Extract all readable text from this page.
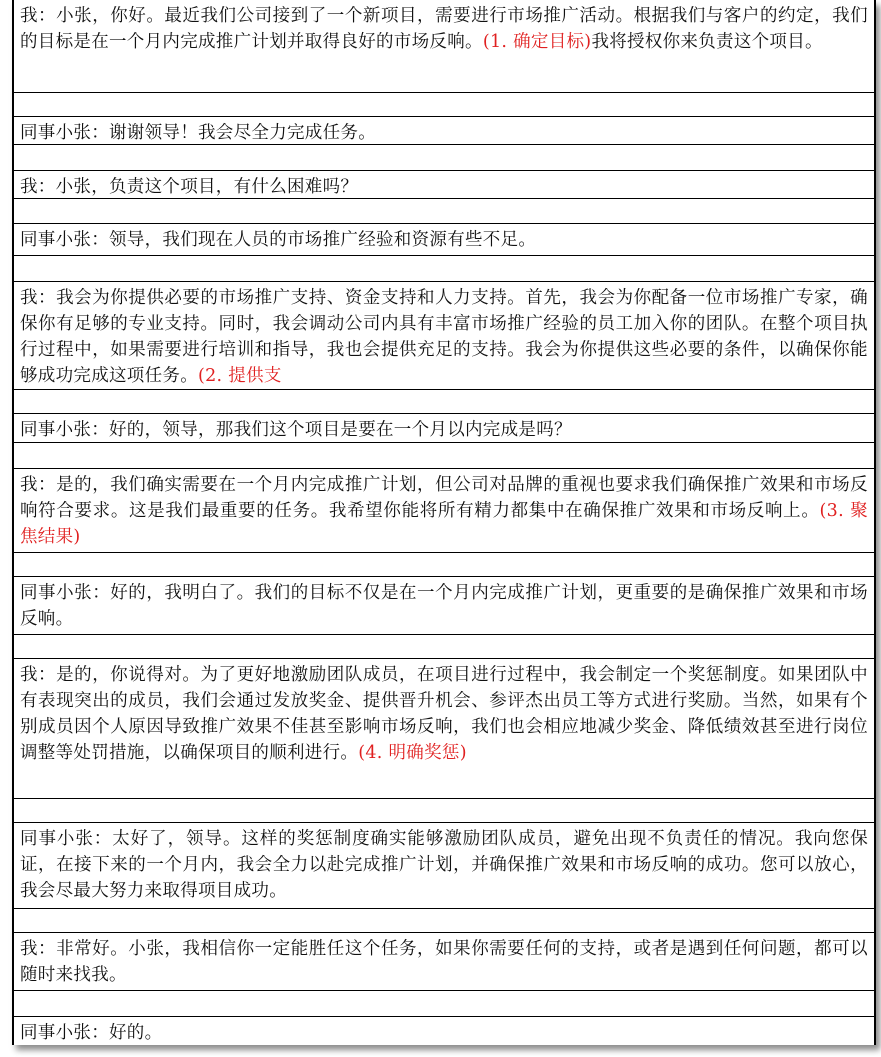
我：小张，你好。最近我们公司接到了一个新项目，需要进行市场推广活动。根据我们与客户的约定，我们的目标是在一个月内完成推广计划并取得良好的市场反响。(1. 确定目标)我将授权你来负责这个项目。
同事小张：谢谢领导！我会尽全力完成任务。
我：小张，负责这个项目，有什么困难吗？
同事小张：领导，我们现在人员的市场推广经验和资源有些不足。
我：我会为你提供必要的市场推广支持、资金支持和人力支持。首先，我会为你配备一位市场推广专家，确保你有足够的专业支持。同时，我会调动公司内具有丰富市场推广经验的员工加入你的团队。在整个项目执行过程中，如果需要进行培训和指导，我也会提供充足的支持。我会为你提供这些必要的条件，以确保你能够成功完成这项任务。(2. 提供支
同事小张：好的，领导，那我们这个项目是要在一个月以内完成是吗？
我：是的，我们确实需要在一个月内完成推广计划，但公司对品牌的重视也要求我们确保推广效果和市场反响符合要求。这是我们最重要的任务。我希望你能将所有精力都集中在确保推广效果和市场反响上。(3. 聚焦结果)
同事小张：好的，我明白了。我们的目标不仅是在一个月内完成推广计划，更重要的是确保推广效果和市场反响。
我：是的，你说得对。为了更好地激励团队成员，在项目进行过程中，我会制定一个奖惩制度。如果团队中有表现突出的成员，我们会通过发放奖金、提供晋升机会、参评杰出员工等方式进行奖励。当然，如果有个别成员因个人原因导致推广效果不佳甚至影响市场反响，我们也会相应地减少奖金、降低绩效甚至进行岗位调整等处罚措施，以确保项目的顺利进行。(4. 明确奖惩)
同事小张：太好了，领导。这样的奖惩制度确实能够激励团队成员，避免出现不负责任的情况。我向您保证，在接下来的一个月内，我会全力以赴完成推广计划，并确保推广效果和市场反响的成功。您可以放心，我会尽最大努力来取得项目成功。
我：非常好。小张，我相信你一定能胜任这个任务，如果你需要任何的支持，或者是遇到任何问题，都可以随时来找我。
同事小张：好的。
